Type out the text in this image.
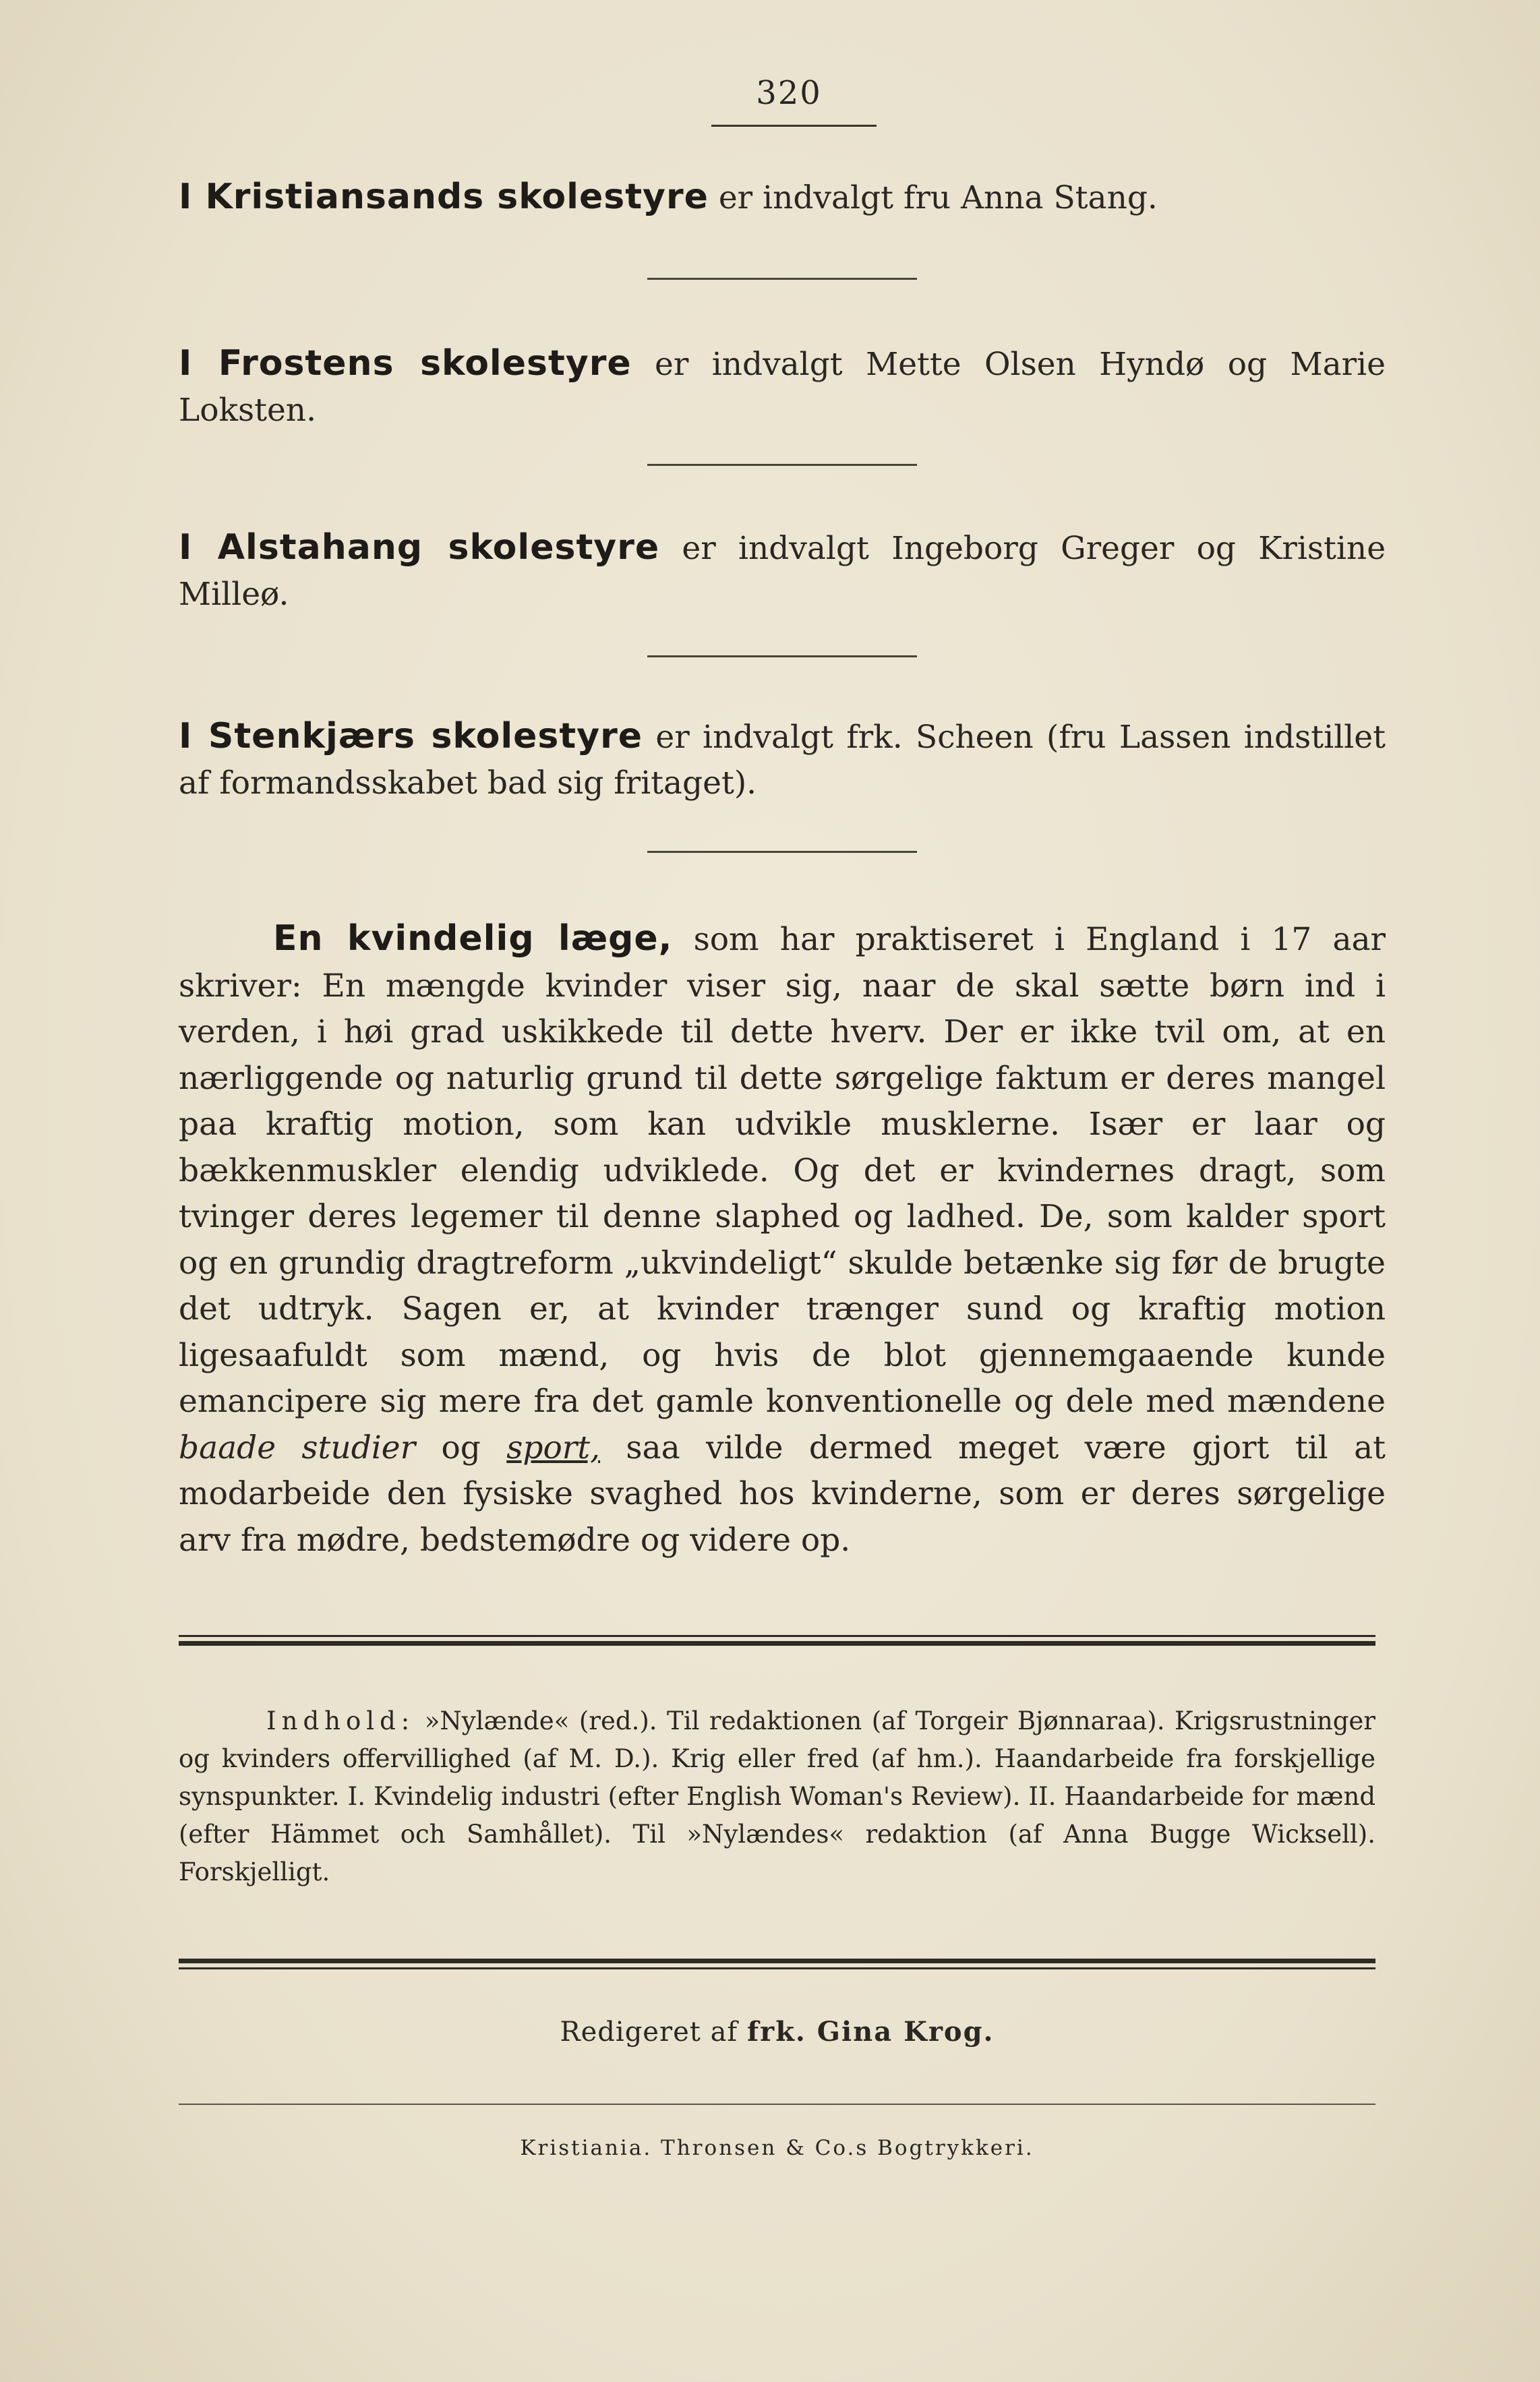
320

I Kristiansands skolestyre er indvalgt fru Anna Stang.

I Frostens skolestyre er indvalgt Mette Olsen Hyndø og Marie Loksten.

I Alstahang skolestyre er indvalgt Ingeborg Greger og Kristine Milleø.

I Stenkjærs skolestyre er indvalgt frk. Scheen (fru Lassen indstillet af formandsskabet bad sig fritaget).

En kvindelig læge, som har praktiseret i England i 17 aar skriver: En mængde kvinder viser sig, naar de skal sætte børn ind i verden, i høi grad uskikkede til dette hverv. Der er ikke tvil om, at en nærliggende og naturlig grund til dette sørgelige faktum er deres mangel paa kraftig motion, som kan udvikle musklerne. Især er laar og bækkenmuskler elendig udviklede. Og det er kvindernes dragt, som tvinger deres legemer til denne slaphed og ladhed. De, som kalder sport og en grundig dragtreform „ukvindeligt“ skulde betænke sig før de brugte det udtryk. Sagen er, at kvinder trænger sund og kraftig motion ligesaafuldt som mænd, og hvis de blot gjennemgaaende kunde emancipere sig mere fra det gamle konventionelle og dele med mændene baade studier og sport, saa vilde dermed meget være gjort til at modarbeide den fysiske svaghed hos kvinderne, som er deres sørgelige arv fra mødre, bedstemødre og videre op.

Indhold: »Nylænde« (red.). Til redaktionen (af Torgeir Bjønnaraa). Krigsrustninger og kvinders offervillighed (af M. D.). Krig eller fred (af hm.). Haandarbeide fra forskjellige synspunkter. I. Kvindelig industri (efter English Woman's Review). II. Haandarbeide for mænd (efter Hämmet och Samhållet). Til »Nylændes« redaktion (af Anna Bugge Wicksell). Forskjelligt.

Redigeret af frk. Gina Krog.
Kristiania. Thronsen & Co.s Bogtrykkeri.
